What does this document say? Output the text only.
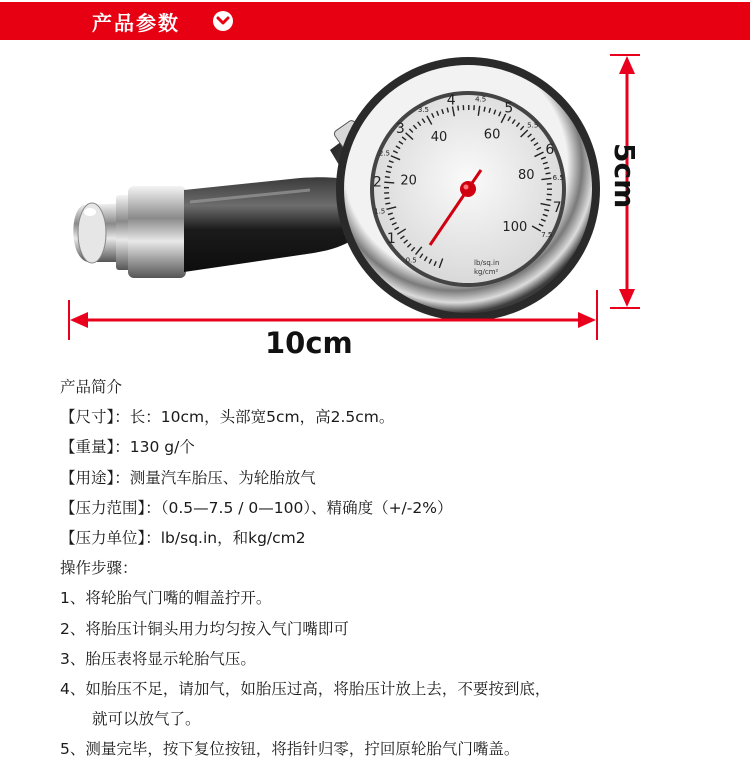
产品参数
1
2
3
4
5
6
7
0.5
1.5
2.5
3.5
4.5
5.5
6.5
7.5
20
40	60
80
100
lb/sq.in
kg/cm²
10cm
5cm
产品简介
【尺寸】：长：10cm，头部宽5cm，高2.5cm。
【重量】：130 g/个
【用途】：测量汽车胎压、为轮胎放气
【压力范围】：（0.5—7.5 / 0—100）、精确度（+/-2%）
【压力单位】：lb/sq.in，和kg/cm2
操作步骤：
1、将轮胎气门嘴的帽盖拧开。
2、将胎压计铜头用力均匀按入气门嘴即可
3、胎压表将显示轮胎气压。
4、如胎压不足，请加气，如胎压过高，将胎压计放上去，不要按到底，
就可以放气了。
5、测量完毕，按下复位按钮，将指针归零，拧回原轮胎气门嘴盖。
